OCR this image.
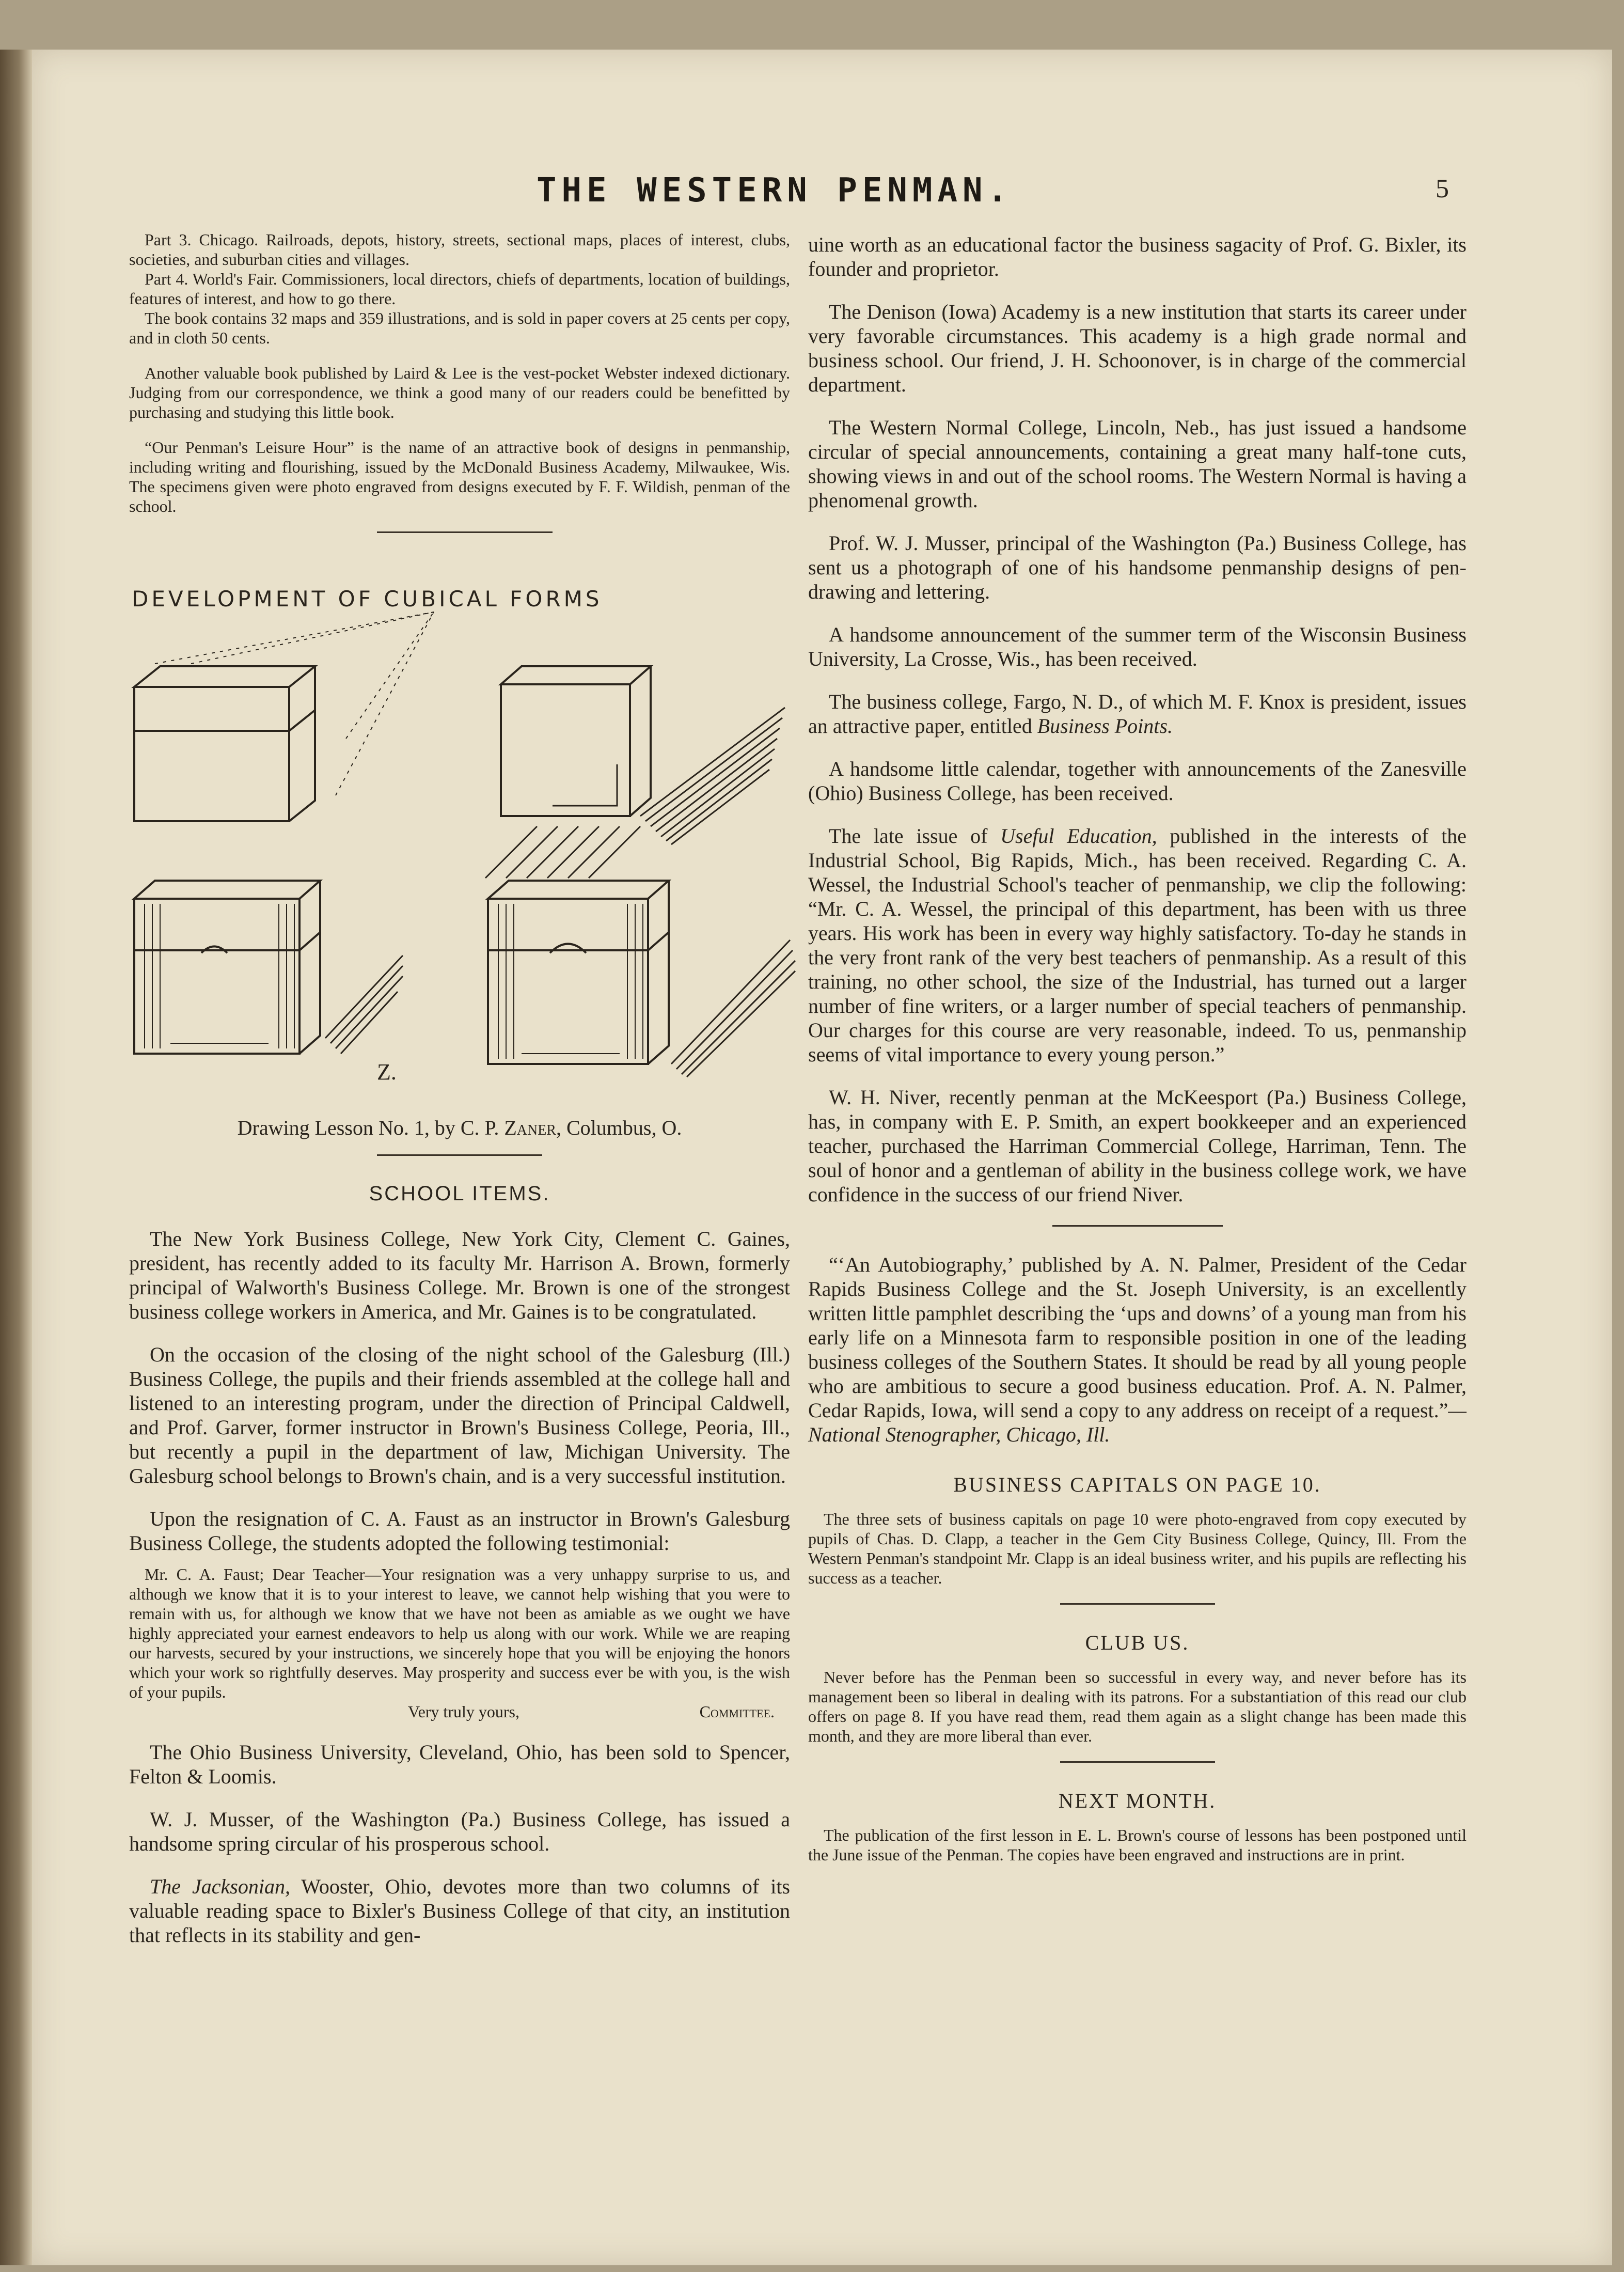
THE WESTERN PENMAN.	5

Part 3. Chicago. Railroads, depots, history, streets, sectional maps, places of interest, clubs, societies, and suburban cities and villages.

Part 4. World's Fair. Commissioners, local directors, chiefs of departments, location of buildings, features of interest, and how to go there.

The book contains 32 maps and 359 illustrations, and is sold in paper covers at 25 cents per copy, and in cloth 50 cents.

Another valuable book published by Laird & Lee is the vest-pocket Webster indexed dictionary. Judging from our correspondence, we think a good many of our readers could be benefitted by purchasing and studying this little book.

“Our Penman's Leisure Hour” is the name of an attractive book of designs in penmanship, including writing and flourishing, issued by the McDonald Business Academy, Milwaukee, Wis. The specimens given were photo engraved from designs executed by F. F. Wildish, penman of the school.

DEVELOPMENT OF CUBICAL FORMS
Z.
Drawing Lesson No. 1, by C. P. Zaner, Columbus, O.
SCHOOL ITEMS.

The New York Business College, New York City, Clement C. Gaines, president, has recently added to its faculty Mr. Harrison A. Brown, formerly principal of Walworth's Business College. Mr. Brown is one of the strongest business college workers in America, and Mr. Gaines is to be congratulated.

On the occasion of the closing of the night school of the Galesburg (Ill.) Business College, the pupils and their friends assembled at the college hall and listened to an interesting program, under the direction of Principal Caldwell, and Prof. Garver, former instructor in Brown's Business College, Peoria, Ill., but recently a pupil in the department of law, Michigan University. The Galesburg school belongs to Brown's chain, and is a very successful institution.

Upon the resignation of C. A. Faust as an instructor in Brown's Galesburg Business College, the students adopted the following testimonial:

Mr. C. A. Faust; Dear Teacher—Your resignation was a very unhappy surprise to us, and although we know that it is to your interest to leave, we cannot help wishing that you were to remain with us, for although we know that we have not been as amiable as we ought we have highly appreciated your earnest endeavors to help us along with our work. While we are reaping our harvests, secured by your instructions, we sincerely hope that you will be enjoying the honors which your work so rightfully deserves. May prosperity and success ever be with you, is the wish of your pupils.

Very truly yours,	Committee.

The Ohio Business University, Cleveland, Ohio, has been sold to Spencer, Felton & Loomis.

W. J. Musser, of the Washington (Pa.) Business College, has issued a handsome spring circular of his prosperous school.

The Jacksonian, Wooster, Ohio, devotes more than two columns of its valuable reading space to Bixler's Business College of that city, an institution that reflects in its stability and gen-

uine worth as an educational factor the business sagacity of Prof. G. Bixler, its founder and proprietor.

The Denison (Iowa) Academy is a new institution that starts its career under very favorable circumstances. This academy is a high grade normal and business school. Our friend, J. H. Schoonover, is in charge of the commercial department.

The Western Normal College, Lincoln, Neb., has just issued a handsome circular of special announcements, containing a great many half-tone cuts, showing views in and out of the school rooms. The Western Normal is having a phenomenal growth.

Prof. W. J. Musser, principal of the Washington (Pa.) Business College, has sent us a photograph of one of his handsome penmanship designs of pen-drawing and lettering.

A handsome announcement of the summer term of the Wisconsin Business University, La Crosse, Wis., has been received.

The business college, Fargo, N. D., of which M. F. Knox is president, issues an attractive paper, entitled Business Points.

A handsome little calendar, together with announcements of the Zanesville (Ohio) Business College, has been received.

The late issue of Useful Education, published in the interests of the Industrial School, Big Rapids, Mich., has been received. Regarding C. A. Wessel, the Industrial School's teacher of penmanship, we clip the following: “Mr. C. A. Wessel, the principal of this department, has been with us three years. His work has been in every way highly satisfactory. To-day he stands in the very front rank of the very best teachers of penmanship. As a result of this training, no other school, the size of the Industrial, has turned out a larger number of fine writers, or a larger number of special teachers of penmanship. Our charges for this course are very reasonable, indeed. To us, penmanship seems of vital importance to every young person.”

W. H. Niver, recently penman at the McKeesport (Pa.) Business College, has, in company with E. P. Smith, an expert bookkeeper and an experienced teacher, purchased the Harriman Commercial College, Harriman, Tenn. The soul of honor and a gentleman of ability in the business college work, we have confidence in the success of our friend Niver.

“‘An Autobiography,’ published by A. N. Palmer, President of the Cedar Rapids Business College and the St. Joseph University, is an excellently written little pamphlet describing the ‘ups and downs’ of a young man from his early life on a Minnesota farm to responsible position in one of the leading business colleges of the Southern States. It should be read by all young people who are ambitious to secure a good business education. Prof. A. N. Palmer, Cedar Rapids, Iowa, will send a copy to any address on receipt of a request.”—National Stenographer, Chicago, Ill.

BUSINESS CAPITALS ON PAGE 10.

The three sets of business capitals on page 10 were photo-engraved from copy executed by pupils of Chas. D. Clapp, a teacher in the Gem City Business College, Quincy, Ill. From the Western Penman's standpoint Mr. Clapp is an ideal business writer, and his pupils are reflecting his success as a teacher.

CLUB US.

Never before has the Penman been so successful in every way, and never before has its management been so liberal in dealing with its patrons. For a substantiation of this read our club offers on page 8. If you have read them, read them again as a slight change has been made this month, and they are more liberal than ever.

NEXT MONTH.

The publication of the first lesson in E. L. Brown's course of lessons has been postponed until the June issue of the Penman. The copies have been engraved and instructions are in print.
